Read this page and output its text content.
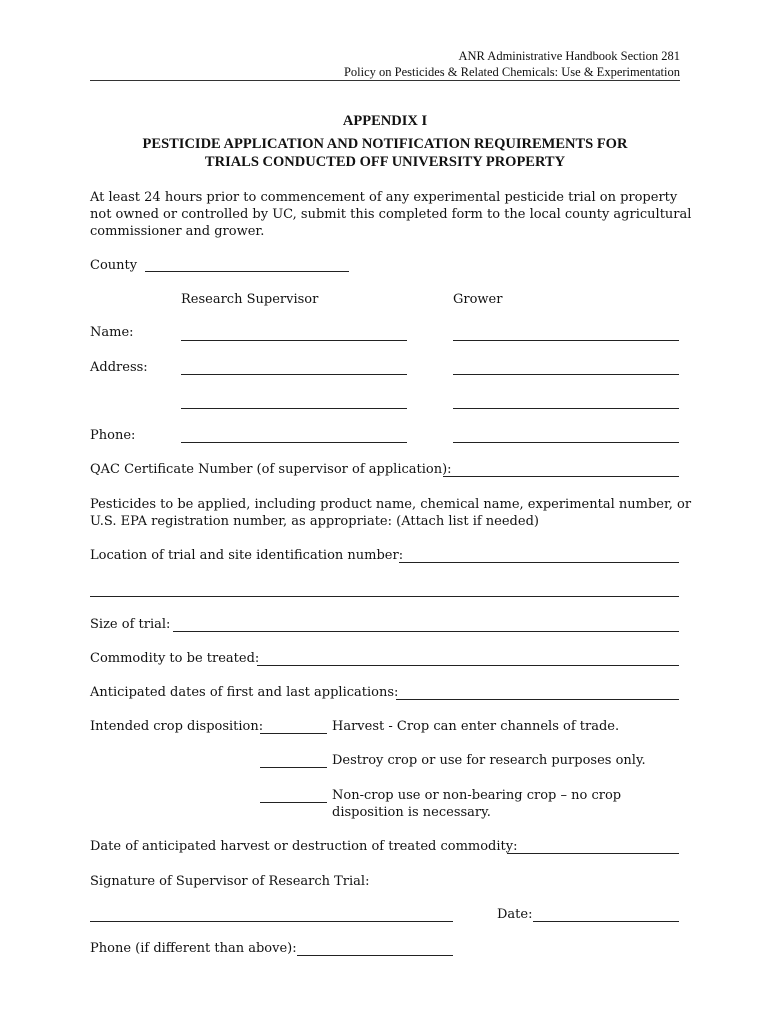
ANR Administrative Handbook Section 281
Policy on Pesticides & Related Chemicals: Use & Experimentation
APPENDIX I
PESTICIDE APPLICATION AND NOTIFICATION REQUIREMENTS FOR
TRIALS CONDUCTED OFF UNIVERSITY PROPERTY
At least 24 hours prior to commencement of any experimental pesticide trial on property
not owned or controlled by UC, submit this completed form to the local county agricultural
commissioner and grower.
County
Research Supervisor	Grower
Name:
Address:
Phone:
QAC Certificate Number (of supervisor of application):
Pesticides to be applied, including product name, chemical name, experimental number, or
U.S. EPA registration number, as appropriate: (Attach list if needed)
Location of trial and site identification number:
Size of trial:
Commodity to be treated:
Anticipated dates of first and last applications:
Intended crop disposition:	Harvest - Crop can enter channels of trade.
Destroy crop or use for research purposes only.
Non-crop use or non-bearing crop – no crop
disposition is necessary.
Date of anticipated harvest or destruction of treated commodity:
Signature of Supervisor of Research Trial:
Date:
Phone (if different than above):
